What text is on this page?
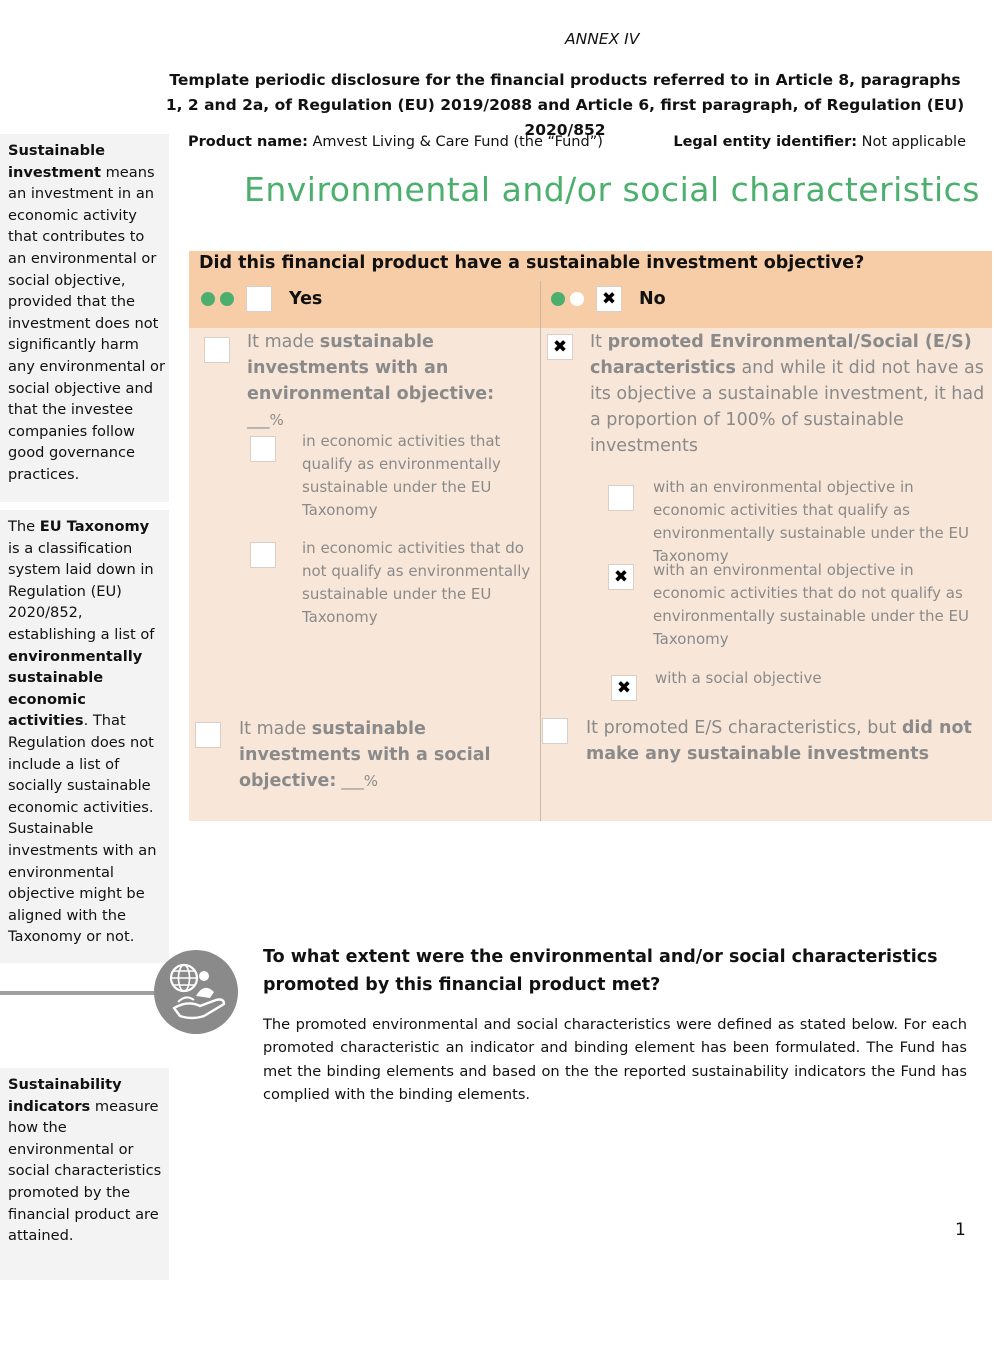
ANNEX IV
Template periodic disclosure for the financial products referred to in Article 8, paragraphs 1, 2 and 2a, of Regulation (EU) 2019/2088 and Article 6, first paragraph, of Regulation (EU) 2020/852
Sustainable investment means an investment in an economic activity that contributes to an environmental or social objective, provided that the investment does not significantly harm any environmental or social objective and that the investee companies follow good governance practices.
The EU Taxonomy is a classification system laid down in Regulation (EU) 2020/852, establishing a list of environmentally sustainable economic activities. That Regulation does not include a list of socially sustainable economic activities. Sustainable investments with an environmental objective might be aligned with the Taxonomy or not.
Sustainability indicators measure how the environmental or social characteristics promoted by the financial product are attained.
Product name: Amvest Living & Care Fund (the “Fund”)	Legal entity identifier: Not applicable
Environmental and/or social characteristics
Did this financial product have a sustainable investment objective?
Yes	✖	No
It made sustainable investments with an environmental objective: ___%
in economic activities that qualify as environmentally sustainable under the EU Taxonomy
in economic activities that do not qualify as environmentally sustainable under the EU Taxonomy
It made sustainable investments with a social objective: ___%
✖	It promoted Environmental/Social (E/S) characteristics and while it did not have as its objective a sustainable investment, it had a proportion of 100% of sustainable investments
with an environmental objective in economic activities that qualify as environmentally sustainable under the EU Taxonomy
✖	with an environmental objective in economic activities that do not qualify as environmentally sustainable under the EU Taxonomy
✖	with a social objective
It promoted E/S characteristics, but did not make any sustainable investments
To what extent were the environmental and/or social characteristics promoted by this financial product met?
The promoted environmental and social characteristics were defined as stated below. For each promoted characteristic an indicator and binding element has been formulated. The Fund has met the binding elements and based on the the reported sustainability indicators the Fund has complied with the binding elements.
1
